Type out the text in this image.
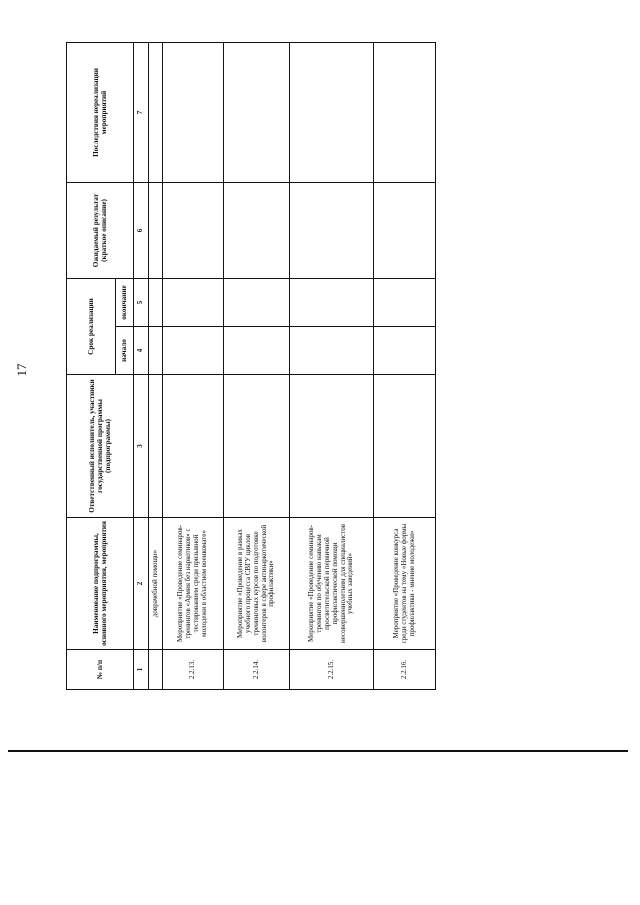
17
№ п/п	Наименование подпрограммы, основного мероприятия, мероприятия	Ответственный исполнитель, участники государственной программы (подпрограммы)	Срок реализации		Ожидаемый результат (краткое описание)	Последствия нереализации мероприятий
			начало	окончание		
1	2	3	4	5	6	7
	доврачебной помощи»					
2.2.13.	Мероприятие «Проведение семинаров-тренингов «Армия без наркотиков» с тестированием среди призывной молодежи в областном военкомате»					
2.2.14.	Мероприятие «Проведение в рамках учебного процесса СВГУ циклов тренинговых курсов по подготовке волонтеров в сфере антинаркотической профилактики»					
2.2.15.	Мероприятие «Проведение семинаров-тренингов по обучению навыкам просветительской и первичной профилактической помощи несовершеннолетним для специалистов учебных заведений»					
2.2.16.	Мероприятие «Проведение конкурса среди студентов на тему «Новые формы профилактики - мнение молодежи»					
